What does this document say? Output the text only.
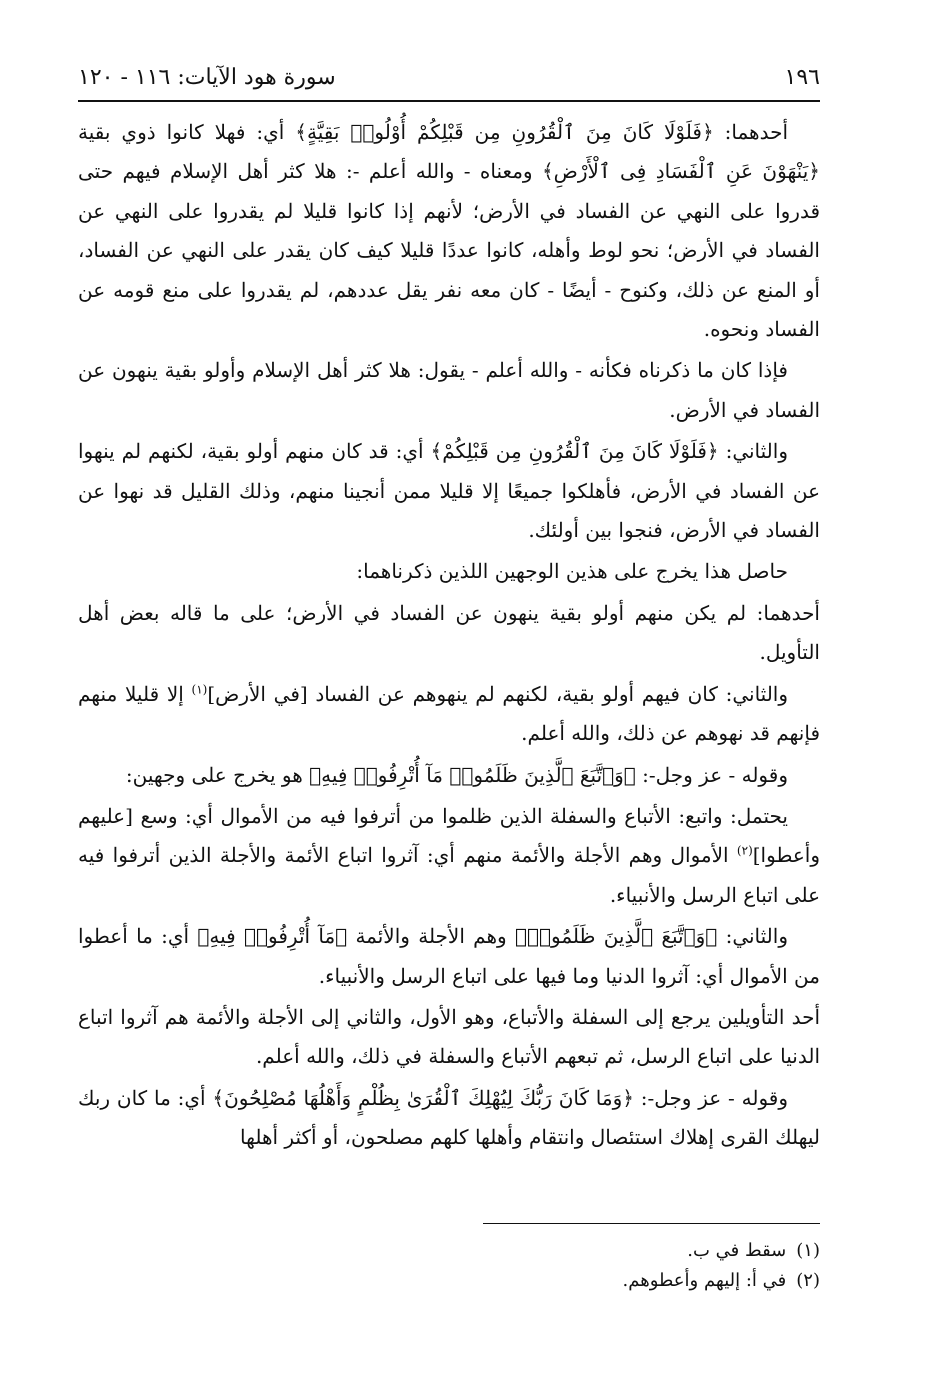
١٩٦
سورة هود الآيات: ١١٦ - ١٢٠

أحدهما: ﴿فَلَوْلَا كَانَ مِنَ ٱلْقُرُونِ مِن قَبْلِكُمْ أُوْلُوا۟ بَقِيَّةٍ﴾ أي: فهلا كانوا ذوي بقية ﴿يَنْهَوْنَ عَنِ ٱلْفَسَادِ فِى ٱلْأَرْضِ﴾ ومعناه - والله أعلم -: هلا كثر أهل الإسلام فيهم حتى قدروا على النهي عن الفساد في الأرض؛ لأنهم إذا كانوا قليلا لم يقدروا على النهي عن الفساد في الأرض؛ نحو لوط وأهله، كانوا عددًا قليلا كيف كان يقدر على النهي عن الفساد، أو المنع عن ذلك، وكنوح - أيضًا - كان معه نفر يقل عددهم، لم يقدروا على منع قومه عن الفساد ونحوه.

فإذا كان ما ذكرناه فكأنه - والله أعلم - يقول: هلا كثر أهل الإسلام وأولو بقية ينهون عن الفساد في الأرض.

والثاني: ﴿فَلَوْلَا كَانَ مِنَ ٱلْقُرُونِ مِن قَبْلِكُمْ﴾ أي: قد كان منهم أولو بقية، لكنهم لم ينهوا عن الفساد في الأرض، فأهلكوا جميعًا إلا قليلا ممن أنجينا منهم، وذلك القليل قد نهوا عن الفساد في الأرض، فنجوا بين أولئك.

حاصل هذا يخرج على هذين الوجهين اللذين ذكرناهما:

أحدهما: لم يكن منهم أولو بقية ينهون عن الفساد في الأرض؛ على ما قاله بعض أهل التأويل.

والثاني: كان فيهم أولو بقية، لكنهم لم ينهوهم عن الفساد [في الأرض]$^{(١)}$ إلا قليلا منهم فإنهم قد نهوهم عن ذلك، والله أعلم.

وقوله - عز وجل-: ﴿وَٱتَّبَعَ ٱلَّذِينَ ظَلَمُوا۟ مَآ أُتْرِفُوا۟ فِيهِ﴾ هو يخرج على وجهين:

يحتمل: واتبع: الأتباع والسفلة الذين ظلموا من أترفوا فيه من الأموال أي: وسع [عليهم وأعطوا]$^{(٢)}$ الأموال وهم الأجلة والأئمة منهم أي: آثروا اتباع الأئمة والأجلة الذين أترفوا فيه على اتباع الرسل والأنبياء.

والثاني: ﴿وَٱتَّبَعَ ٱلَّذِينَ ظَلَمُوا۟﴾ وهم الأجلة والأئمة ﴿مَآ أُتْرِفُوا۟ فِيهِ﴾ أي: ما أعطوا من الأموال أي: آثروا الدنيا وما فيها على اتباع الرسل والأنبياء.

أحد التأويلين يرجع إلى السفلة والأتباع، وهو الأول، والثاني إلى الأجلة والأئمة هم آثروا اتباع الدنيا على اتباع الرسل، ثم تبعهم الأتباع والسفلة في ذلك، والله أعلم.

وقوله - عز وجل-: ﴿وَمَا كَانَ رَبُّكَ لِيُهْلِكَ ٱلْقُرَىٰ بِظُلْمٍ وَأَهْلُهَا مُصْلِحُونَ﴾ أي: ما كان ربك ليهلك القرى إهلاك استئصال وانتقام وأهلها كلهم مصلحون، أو أكثر أهلها

(١)
سقط في ب.
(٢)
في أ: إليهم وأعطوهم.
